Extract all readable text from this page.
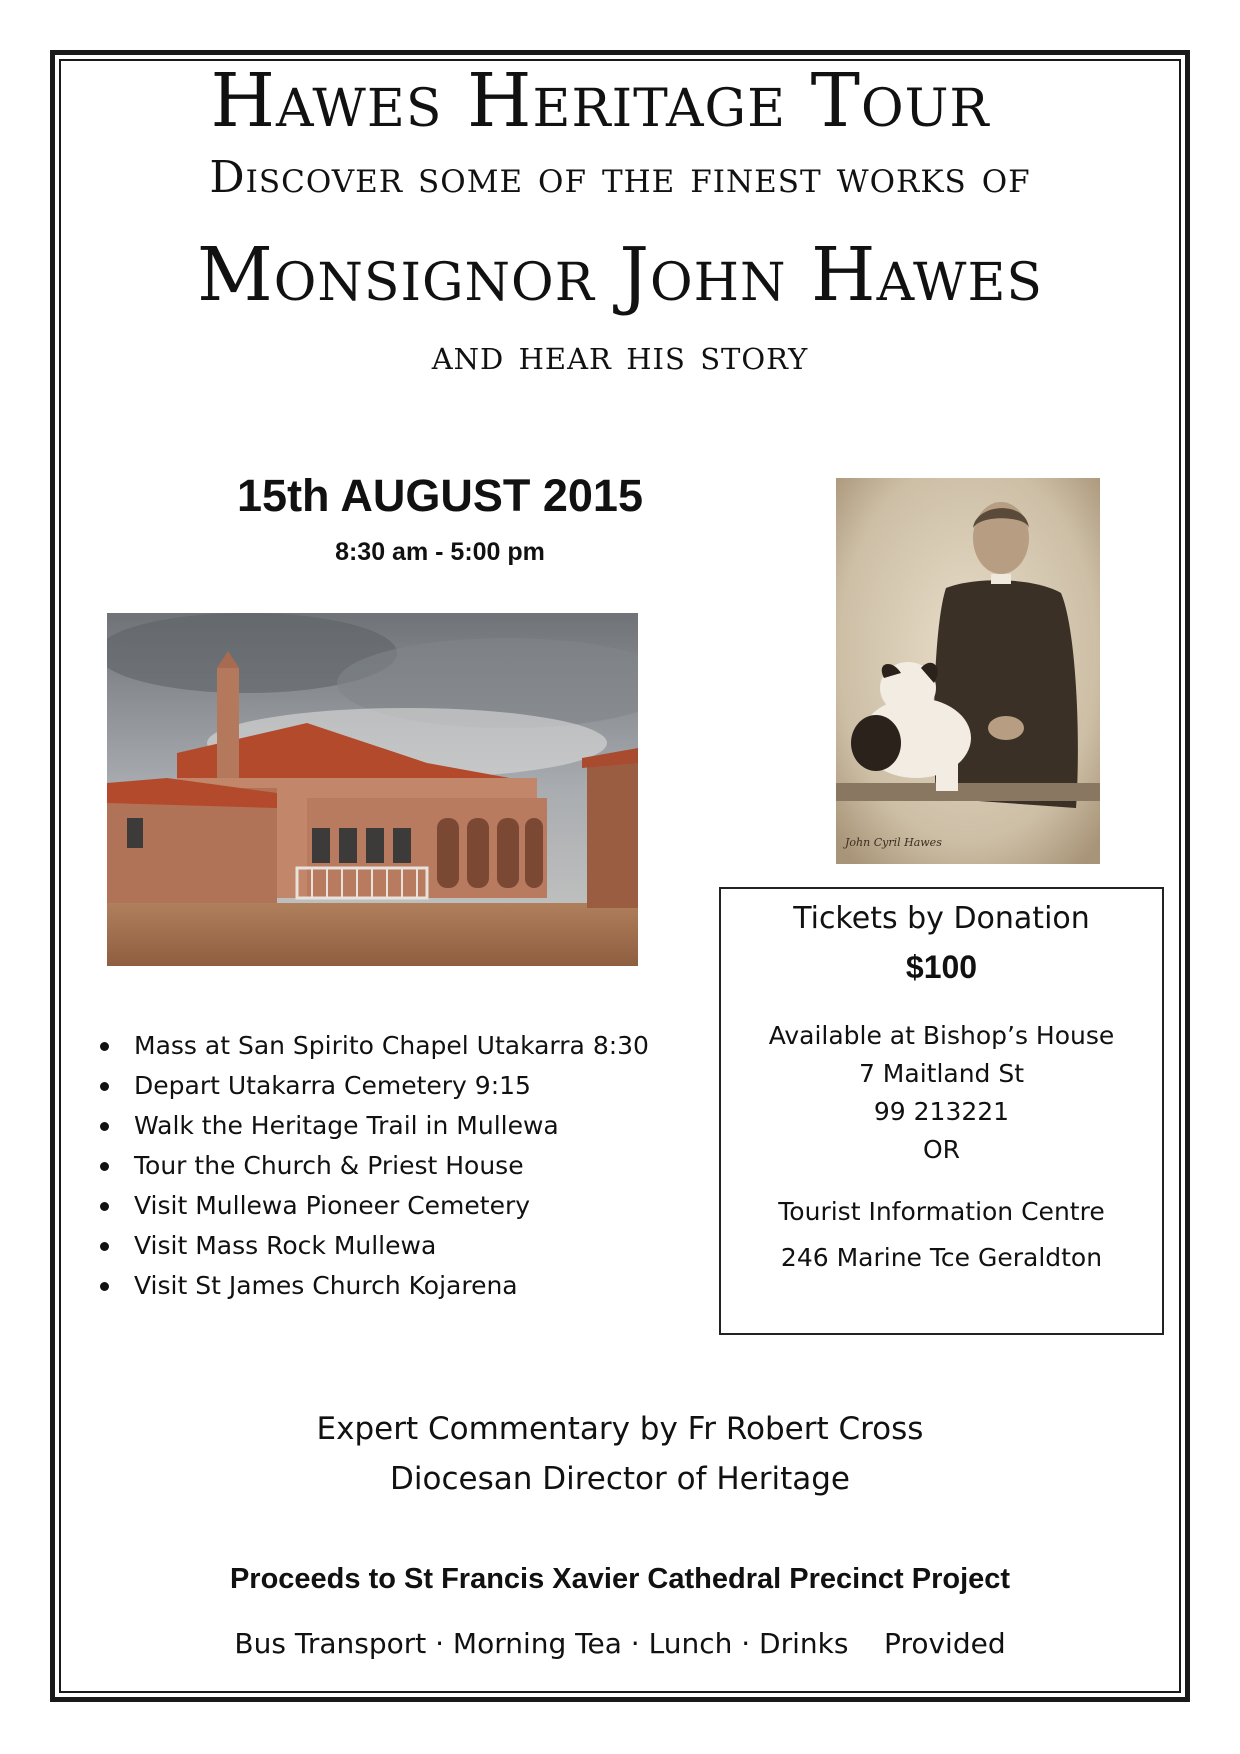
Hawes Heritage Tour
Discover some of the finest works of
Monsignor John Hawes
and hear his story
15th AUGUST 2015
8:30 am - 5:00 pm
John Cyril Hawes
Mass at San Spirito Chapel Utakarra 8:30
Depart Utakarra Cemetery 9:15
Walk the Heritage Trail in Mullewa
Tour the Church & Priest House
Visit Mullewa Pioneer Cemetery
Visit Mass Rock Mullewa
Visit St James Church Kojarena
Tickets by Donation
$100
Available at Bishop’s House
7 Maitland St
99 213221
OR
Tourist Information Centre
246 Marine Tce Geraldton
Expert Commentary by Fr Robert Cross
Diocesan Director of Heritage
Proceeds to St Francis Xavier Cathedral Precinct Project
Bus Transport · Morning Tea · Lunch · Drinks    Provided
